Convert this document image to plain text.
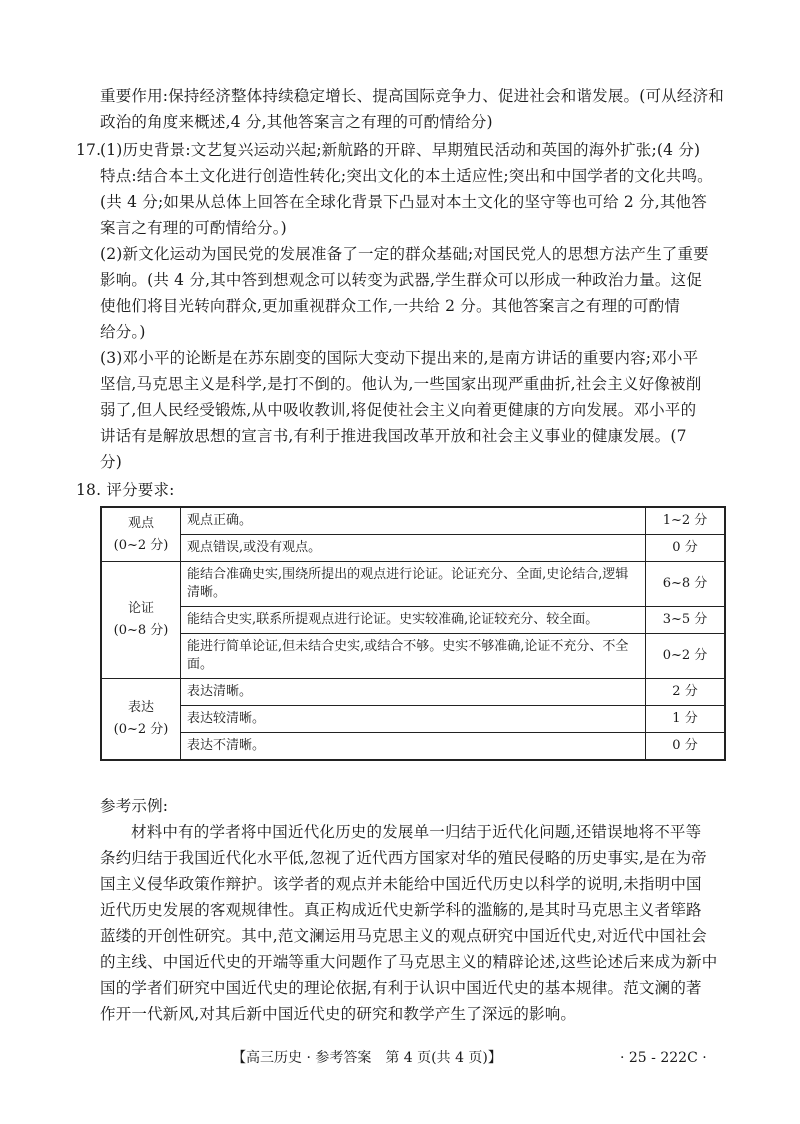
重要作用:保持经济整体持续稳定增长、提高国际竞争力、促进社会和谐发展。(可从经济和
政治的角度来概述,4 分,其他答案言之有理的可酌情给分)
17.
(1)历史背景:文艺复兴运动兴起;新航路的开辟、早期殖民活动和英国的海外扩张;(4 分)
特点:结合本土文化进行创造性转化;突出文化的本土适应性;突出和中国学者的文化共鸣。
(共 4 分;如果从总体上回答在全球化背景下凸显对本土文化的坚守等也可给 2 分,其他答
案言之有理的可酌情给分。)
(2)新文化运动为国民党的发展准备了一定的群众基础;对国民党人的思想方法产生了重要
影响。(共 4 分,其中答到想观念可以转变为武器,学生群众可以形成一种政治力量。这促
使他们将目光转向群众,更加重视群众工作,一共给 2 分。其他答案言之有理的可酌情
给分。)
(3)邓小平的论断是在苏东剧变的国际大变动下提出来的,是南方讲话的重要内容;邓小平
坚信,马克思主义是科学,是打不倒的。他认为,一些国家出现严重曲折,社会主义好像被削
弱了,但人民经受锻炼,从中吸收教训,将促使社会主义向着更健康的方向发展。邓小平的
讲话有是解放思想的宣言书,有利于推进我国改革开放和社会主义事业的健康发展。(7
分)
18. 评分要求:
观点
(0~2 分)	观点正确。	1~2 分
	观点错误,或没有观点。	0 分

论证
(0~8 分)	能结合准确史实,围绕所提出的观点进行论证。论证充分、全面,史论结合,逻辑清晰。	6~8 分
	能结合史实,联系所提观点进行论证。史实较准确,论证较充分、较全面。	3~5 分
	能进行简单论证,但未结合史实,或结合不够。史实不够准确,论证不充分、不全面。	0~2 分

表达
(0~2 分)	表达清晰。	2 分
	表达较清晰。	1 分
	表达不清晰。	0 分
参考示例:
材料中有的学者将中国近代化历史的发展单一归结于近代化问题,还错误地将不平等
条约归结于我国近代化水平低,忽视了近代西方国家对华的殖民侵略的历史事实,是在为帝
国主义侵华政策作辩护。该学者的观点并未能给中国近代历史以科学的说明,未指明中国
近代历史发展的客观规律性。真正构成近代史新学科的滥觞的,是其时马克思主义者筚路
蓝缕的开创性研究。其中,范文澜运用马克思主义的观点研究中国近代史,对近代中国社会
的主线、中国近代史的开端等重大问题作了马克思主义的精辟论述,这些论述后来成为新中
国的学者们研究中国近代史的理论依据,有利于认识中国近代史的基本规律。范文澜的著
作开一代新风,对其后新中国近代史的研究和教学产生了深远的影响。
【高三历史 · 参考答案　第 4 页(共 4 页)】	· 25 - 222C ·
